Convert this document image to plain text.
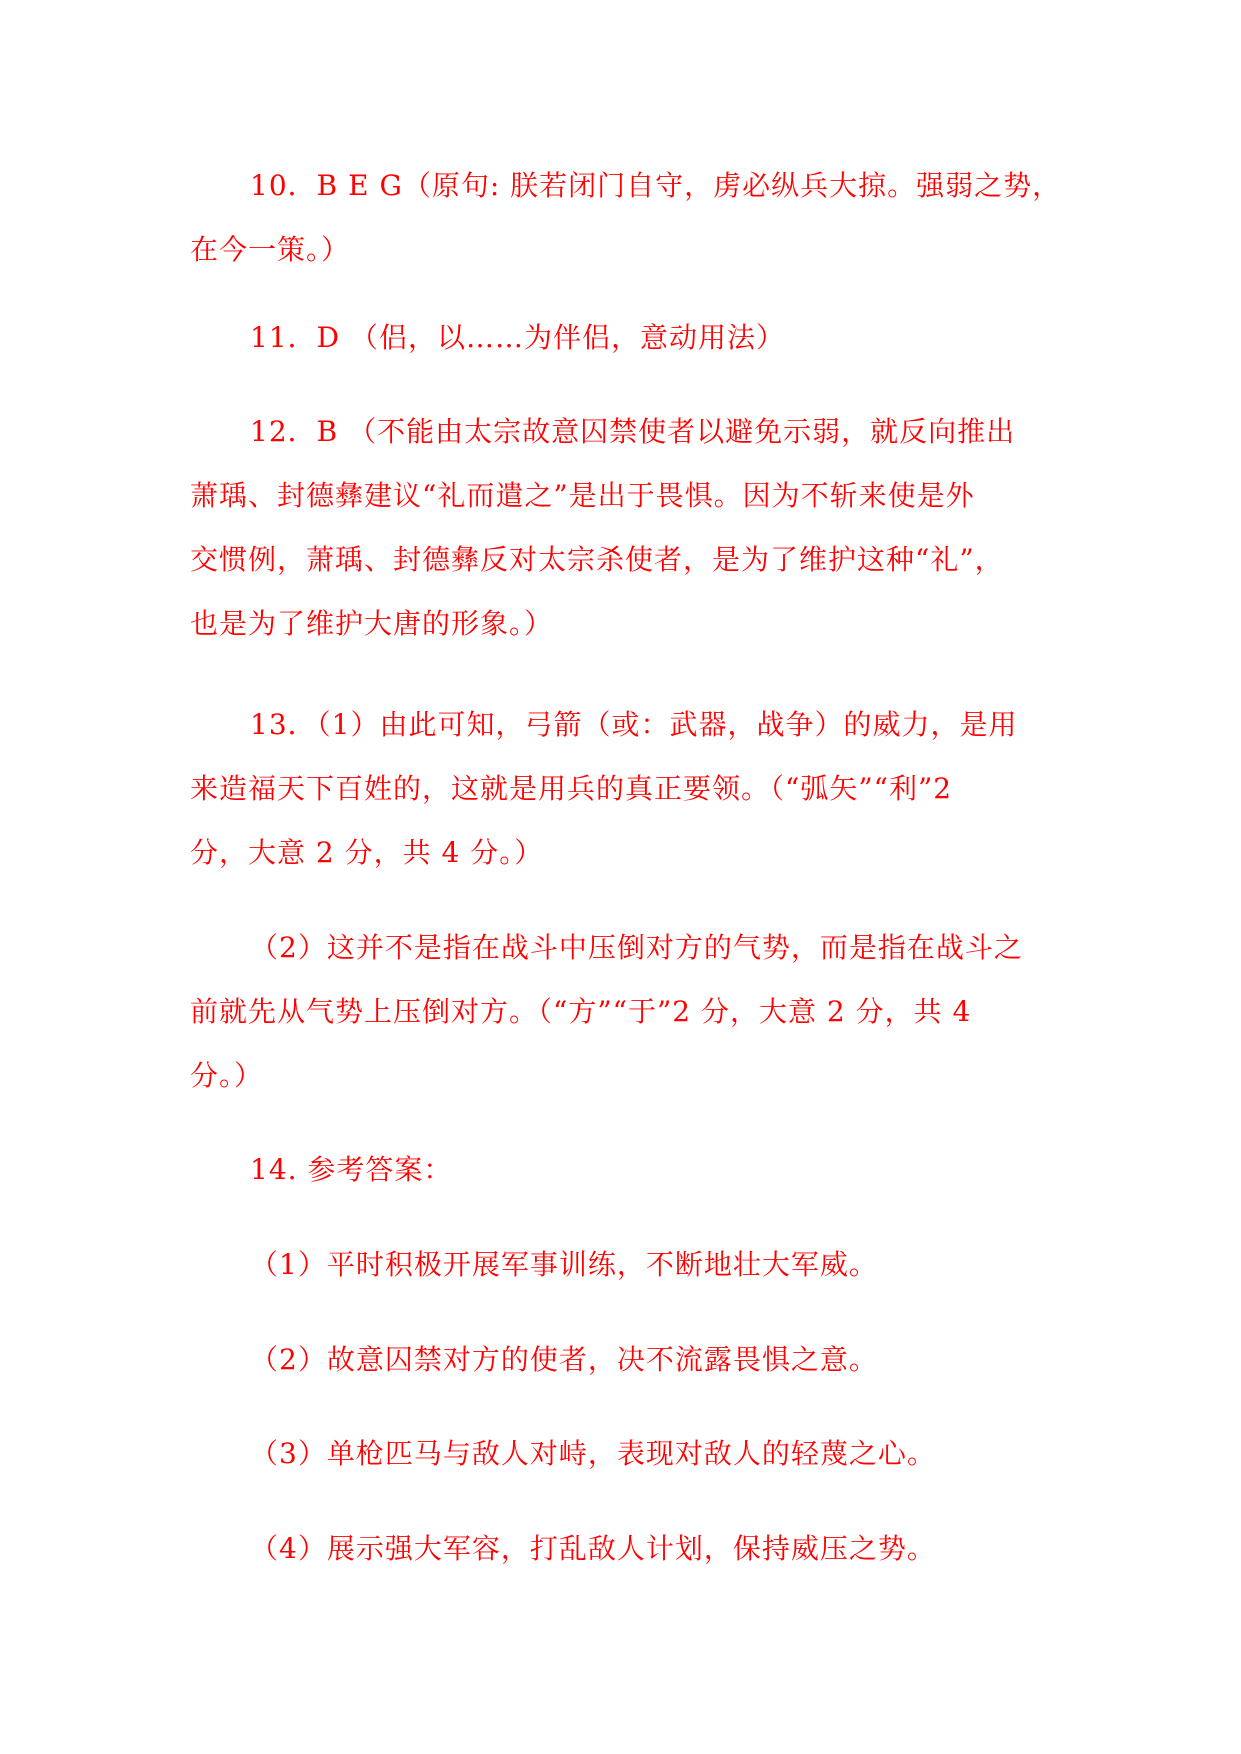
10．B E G（原句: 朕若闭门自守，虏必纵兵大掠。强弱之势，
在今一策。）

11．D （侣，以……为伴侣，意动用法）

12．B （不能由太宗故意囚禁使者以避免示弱，就反向推出
萧瑀、封德彝建议“礼而遣之”是出于畏惧。因为不斩来使是外
交惯例，萧瑀、封德彝反对太宗杀使者，是为了维护这种“礼”，
也是为了维护大唐的形象。）

13．（1）由此可知，弓箭（或：武器，战争）的威力，是用
来造福天下百姓的，这就是用兵的真正要领。（“弧矢”“利”2
分，大意 2 分，共 4 分。）

（2）这并不是指在战斗中压倒对方的气势，而是指在战斗之
前就先从气势上压倒对方。（“方”“于”2 分，大意 2 分，共 4
分。）

14. 参考答案：

（1）平时积极开展军事训练，不断地壮大军威。

（2）故意囚禁对方的使者，决不流露畏惧之意。

（3）单枪匹马与敌人对峙，表现对敌人的轻蔑之心。

（4）展示强大军容，打乱敌人计划，保持威压之势。
